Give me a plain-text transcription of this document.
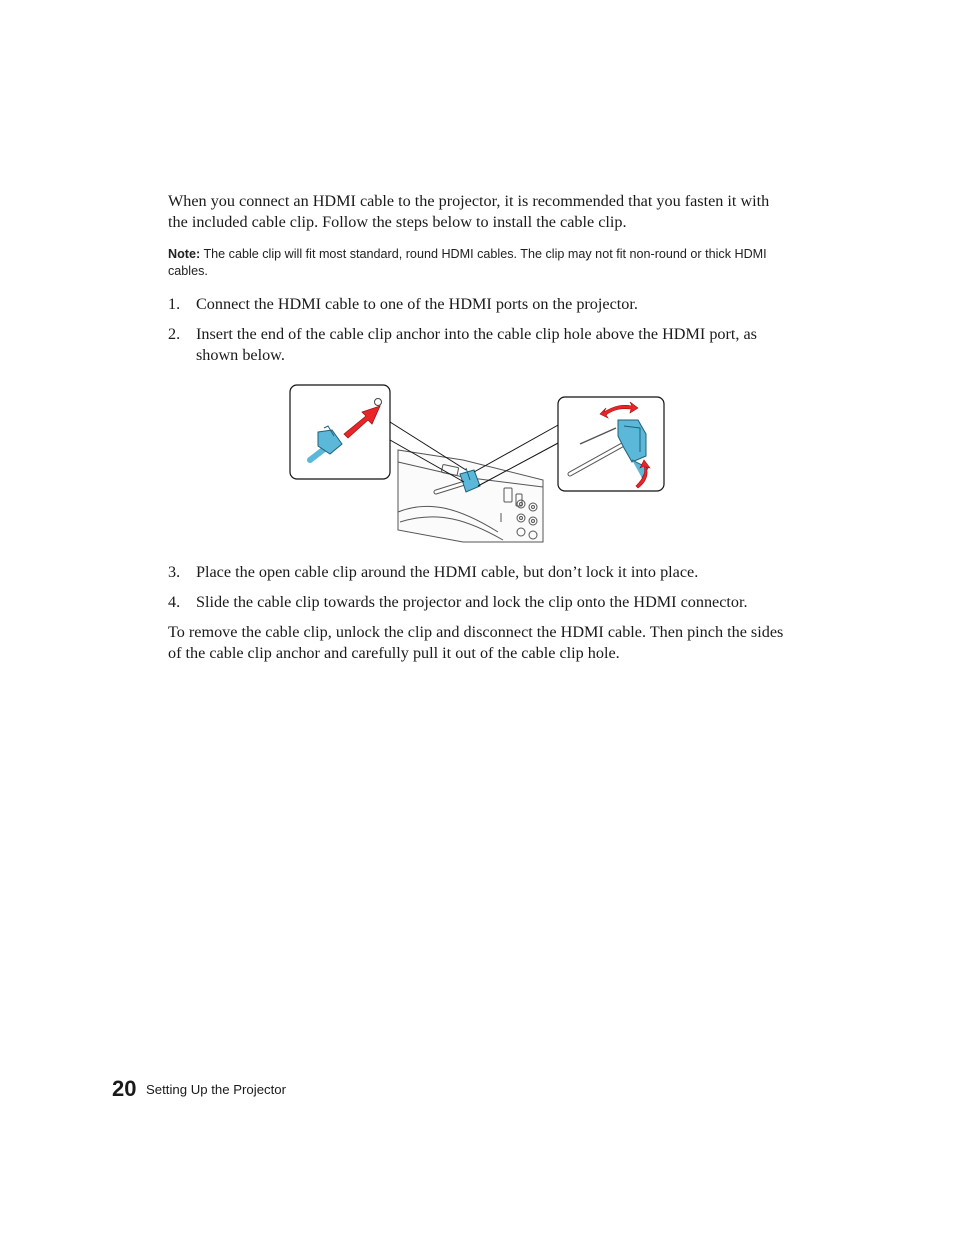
When you connect an HDMI cable to the projector, it is recommended that you fasten it with the included cable clip. Follow the steps below to install the cable clip.

Note: The cable clip will fit most standard, round HDMI cables. The clip may not fit non-round or thick HDMI cables.
1. Connect the HDMI cable to one of the HDMI ports on the projector.
2. Insert the end of the cable clip anchor into the cable clip hole above the HDMI port, as shown below.
3. Place the open cable clip around the HDMI cable, but don’t lock it into place.
4. Slide the cable clip towards the projector and lock the clip onto the HDMI connector.

To remove the cable clip, unlock the clip and disconnect the HDMI cable. Then pinch the sides of the cable clip anchor and carefully pull it out of the cable clip hole.

20 Setting Up the Projector
